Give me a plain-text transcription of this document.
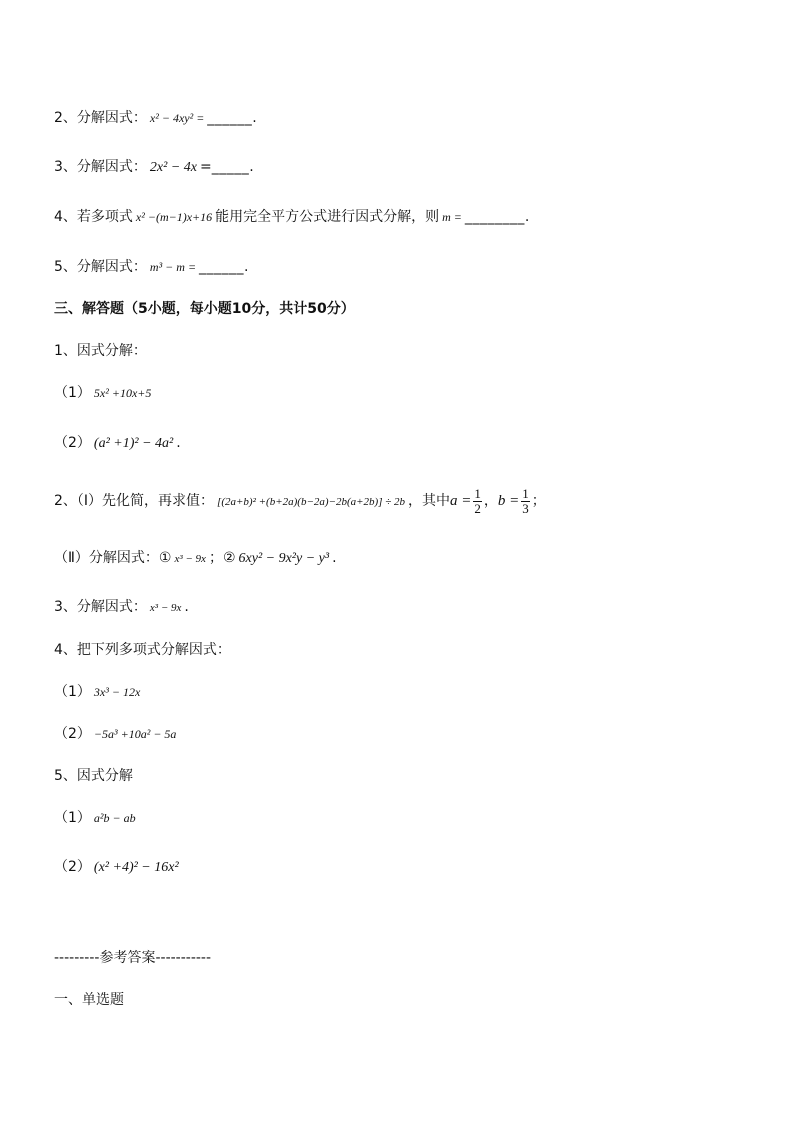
2、分解因式： x² − 4xy² = ______.
3、分解因式： 2x² − 4x =_____.
4、若多项式 x² −(m−1)x+16 能用完全平方公式进行因式分解，则 m = ________.
5、分解因式： m³ − m = ______.
三、解答题（5小题，每小题10分，共计50分）
1、因式分解：
（1） 5x² +10x+5
（2） (a² +1)² − 4a² .
2、（Ⅰ）先化简，再求值： [(2a+b)² +(b+2a)(b−2a)−2b(a+2b)] ÷ 2b ，其中$a = \frac{1}{2}$ ，$b = \frac{1}{3}$ ；
（Ⅱ）分解因式：① x³ − 9x ；② 6xy² − 9x²y − y³ .
3、分解因式： x³ − 9x .
4、把下列多项式分解因式：
（1） 3x³ − 12x
（2） −5a³ +10a² − 5a
5、因式分解
（1） a²b − ab
（2） (x² +4)² − 16x²
---------参考答案-----------
一、单选题
